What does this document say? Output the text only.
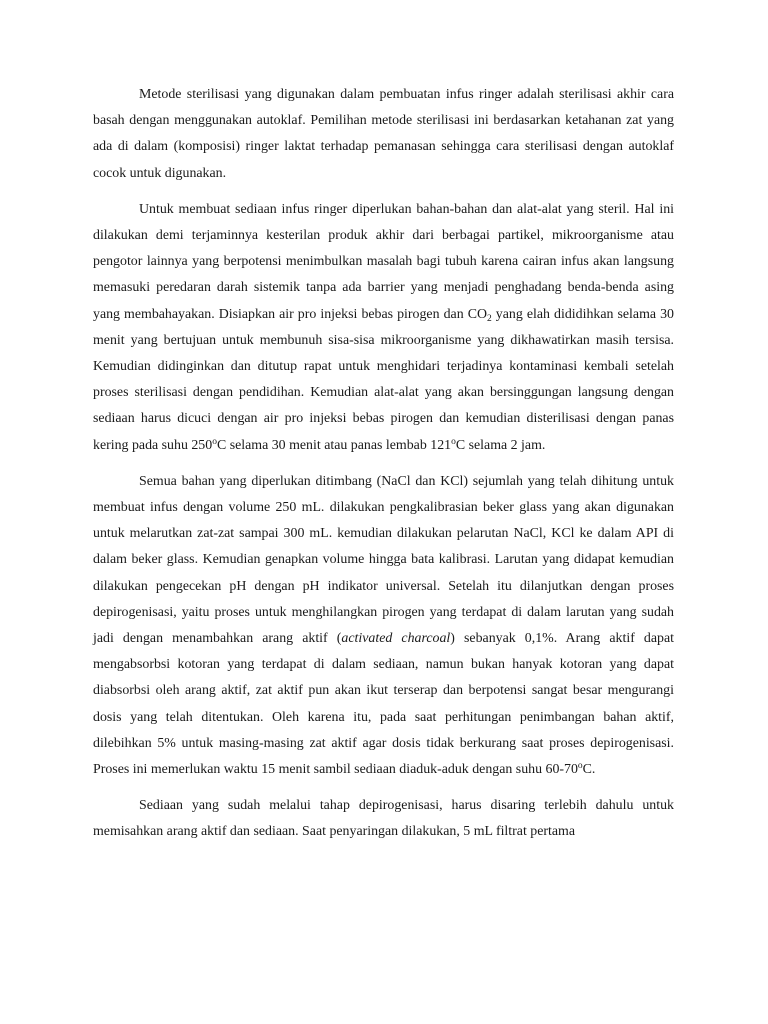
Metode sterilisasi yang digunakan dalam pembuatan infus ringer adalah sterilisasi akhir cara basah dengan menggunakan autoklaf. Pemilihan metode sterilisasi ini berdasarkan ketahanan zat yang ada di dalam (komposisi) ringer laktat terhadap pemanasan sehingga cara sterilisasi dengan autoklaf cocok untuk digunakan.

Untuk membuat sediaan infus ringer diperlukan bahan-bahan dan alat-alat yang steril. Hal ini dilakukan demi terjaminnya kesterilan produk akhir dari berbagai partikel, mikroorganisme atau pengotor lainnya yang berpotensi menimbulkan masalah bagi tubuh karena cairan infus akan langsung memasuki peredaran darah sistemik tanpa ada barrier yang menjadi penghadang benda-benda asing yang membahayakan. Disiapkan air pro injeksi bebas pirogen dan $CO_2$ yang elah dididihkan selama 30 menit yang bertujuan untuk membunuh sisa-sisa mikroorganisme yang dikhawatirkan masih tersisa. Kemudian didinginkan dan ditutup rapat untuk menghidari terjadinya kontaminasi kembali setelah proses sterilisasi dengan pendidihan. Kemudian alat-alat yang akan bersinggungan langsung dengan sediaan harus dicuci dengan air pro injeksi bebas pirogen dan kemudian disterilisasi dengan panas kering pada suhu 250$^o$C selama 30 menit atau panas lembab 121$^o$C selama 2 jam.

Semua bahan yang diperlukan ditimbang (NaCl dan KCl) sejumlah yang telah dihitung untuk membuat infus dengan volume 250 mL. dilakukan pengkalibrasian beker glass yang akan digunakan untuk melarutkan zat-zat sampai 300 mL. kemudian dilakukan pelarutan NaCl, KCl ke dalam API di dalam beker glass. Kemudian genapkan volume hingga bata kalibrasi. Larutan yang didapat kemudian dilakukan pengecekan pH dengan pH indikator universal. Setelah itu dilanjutkan dengan proses depirogenisasi, yaitu proses untuk menghilangkan pirogen yang terdapat di dalam larutan yang sudah jadi dengan menambahkan arang aktif (activated charcoal) sebanyak 0,1%. Arang aktif dapat mengabsorbsi kotoran yang terdapat di dalam sediaan, namun bukan hanyak kotoran yang dapat diabsorbsi oleh arang aktif, zat aktif pun akan ikut terserap dan berpotensi sangat besar mengurangi dosis yang telah ditentukan. Oleh karena itu, pada saat perhitungan penimbangan bahan aktif, dilebihkan 5% untuk masing-masing zat aktif agar dosis tidak berkurang saat proses depirogenisasi. Proses ini memerlukan waktu 15 menit sambil sediaan diaduk-aduk dengan suhu 60-70$^o$C.

Sediaan yang sudah melalui tahap depirogenisasi, harus disaring terlebih dahulu untuk memisahkan arang aktif dan sediaan. Saat penyaringan dilakukan, 5 mL filtrat pertama
